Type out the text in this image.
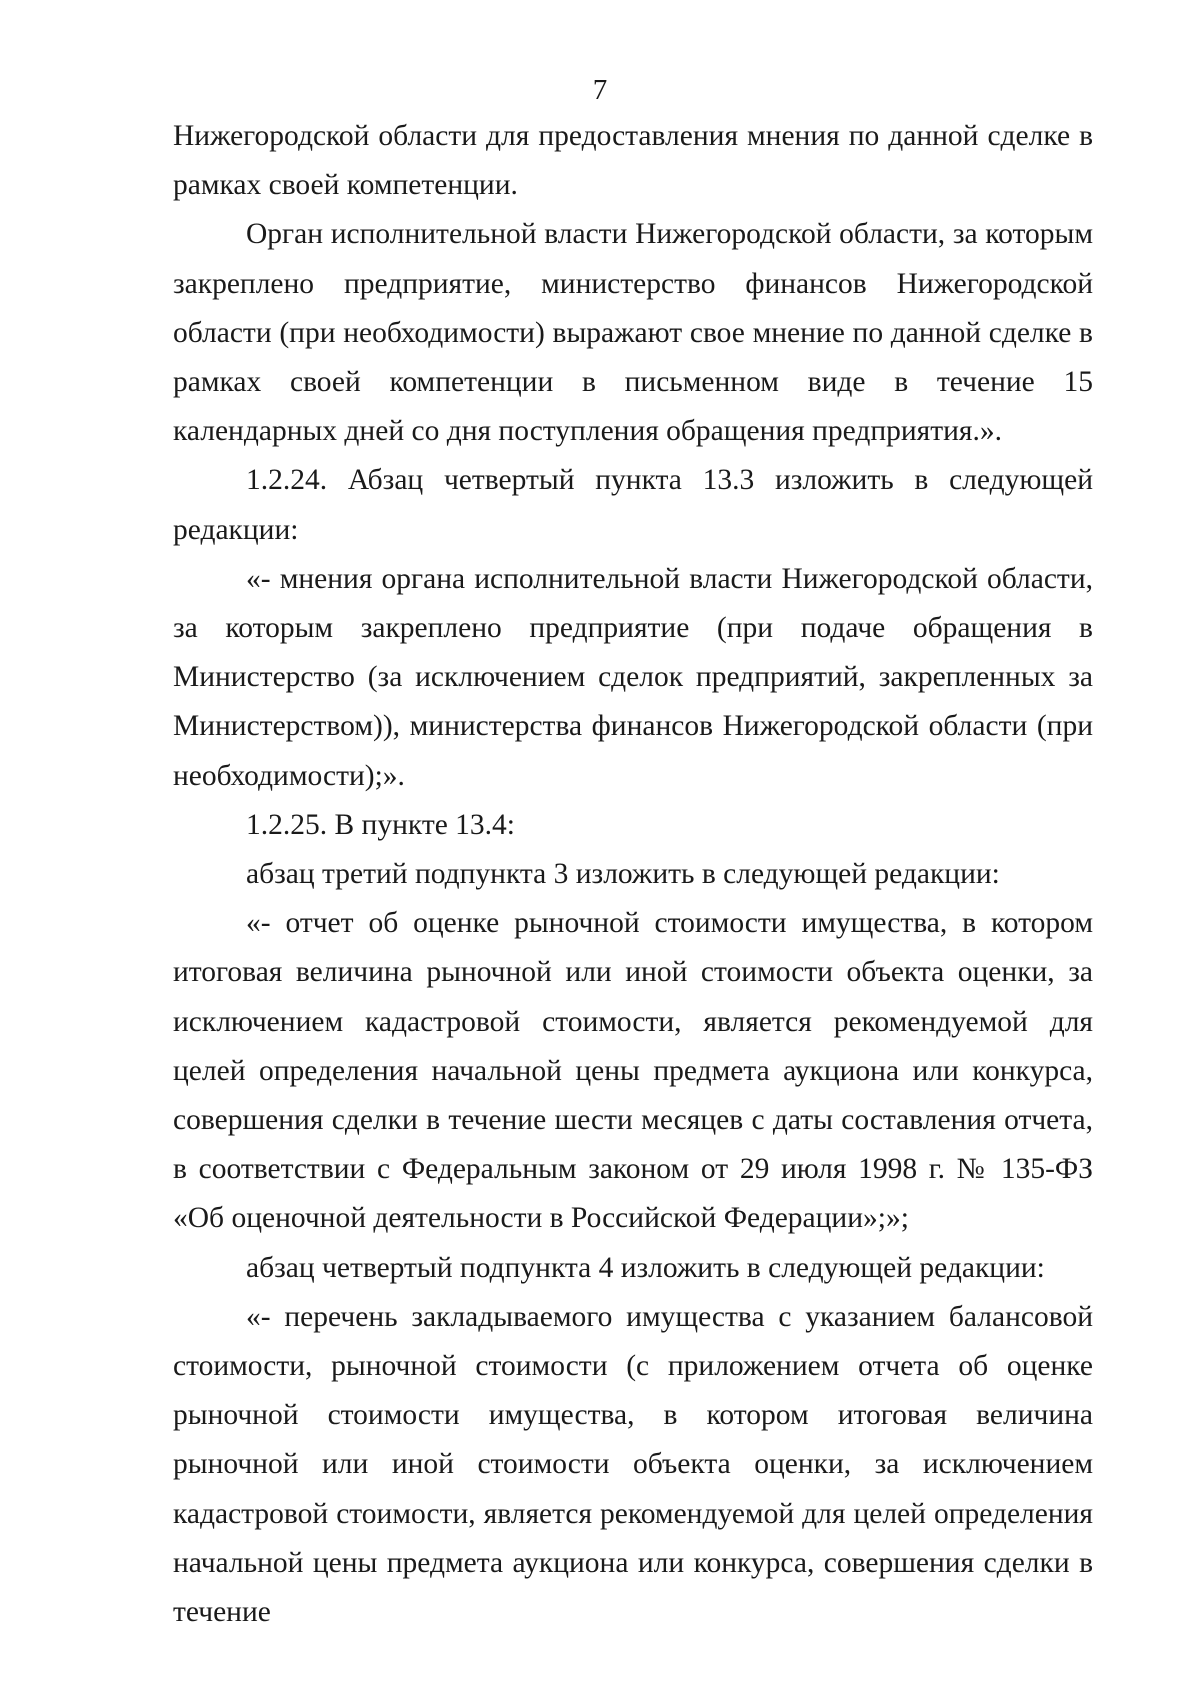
7

Нижегородской области для предоставления мнения по данной сделке в рамках своей компетенции.

Орган исполнительной власти Нижегородской области, за которым закреплено предприятие, министерство финансов Нижегородской области (при необходимости) выражают свое мнение по данной сделке в рамках своей компетенции в письменном виде в течение 15 календарных дней со дня поступления обращения предприятия.».

1.2.24. Абзац четвертый пункта 13.3 изложить в следующей редакции:

«- мнения органа исполнительной власти Нижегородской области, за которым закреплено предприятие (при подаче обращения в Министерство (за исключением сделок предприятий, закрепленных за Министерством)), министерства финансов Нижегородской области (при необходимости);».

1.2.25. В пункте 13.4:

абзац третий подпункта 3 изложить в следующей редакции:

«- отчет об оценке рыночной стоимости имущества, в котором итоговая величина рыночной или иной стоимости объекта оценки, за исключением кадастровой стоимости, является рекомендуемой для целей определения начальной цены предмета аукциона или конкурса, совершения сделки в течение шести месяцев с даты составления отчета, в соответствии с Федеральным законом от 29 июля 1998 г. № 135-ФЗ «Об оценочной деятельности в Российской Федерации»;»;

абзац четвертый подпункта 4 изложить в следующей редакции:

«- перечень закладываемого имущества с указанием балансовой стоимости, рыночной стоимости (с приложением отчета об оценке рыночной стоимости имущества, в котором итоговая величина рыночной или иной стоимости объекта оценки, за исключением кадастровой стоимости, является рекомендуемой для целей определения начальной цены предмета аукциона или конкурса, совершения сделки в течение
